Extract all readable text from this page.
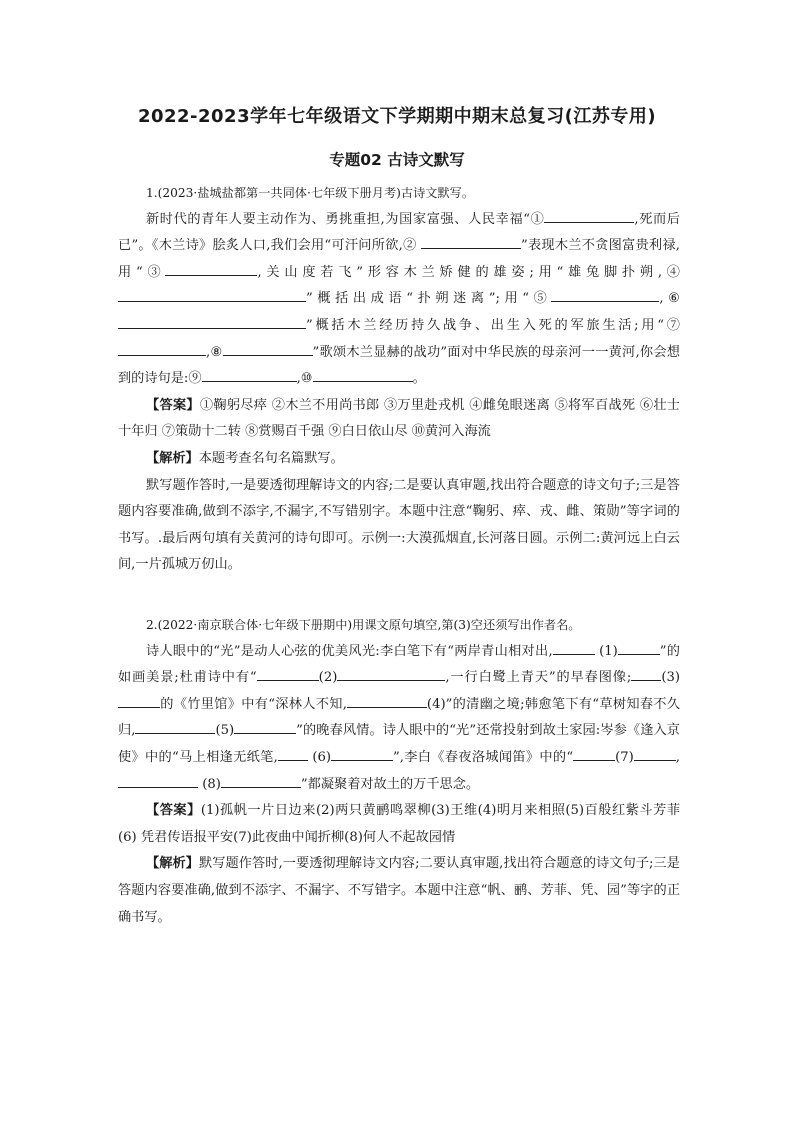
2022-2023学年七年级语文下学期期中期末总复习(江苏专用)
专题02 古诗文默写

1.(2023·盐城盐都第一共同体·七年级下册月考)古诗文默写。

新时代的青年人要主动作为、勇挑重担,为国家富强、人民幸福“①	,死而后已”。《木兰诗》脍炙人口,我们会用“可汗问所欲,②	”表现木兰不贪图富贵利禄,用“③	,关山度若飞”形容木兰矫健的雄姿;用“雄兔脚扑朔,④”概括出成语“扑朔迷离”;用“⑤	,⑥”概括木兰经历持久战争、出生入死的军旅生活;用“⑦,⑧	”歌颂木兰显赫的战功”面对中华民族的母亲河一一黄河,你会想到的诗句是:⑨	,⑩	。

【答案】①鞠躬尽瘁 ②木兰不用尚书郎 ③万里赴戎机 ④雌兔眼迷离 ⑤将军百战死 ⑥壮士十年归 ⑦策勋十二转 ⑧赏赐百千强 ⑨白日依山尽 ⑩黄河入海流

【解析】本题考查名句名篇默写。

默写题作答时,一是要透彻理解诗文的内容;二是要认真审题,找出符合题意的诗文句子;三是答题内容要准确,做到不添字,不漏字,不写错别字。本题中注意“鞠躬、瘁、戎、雌、策勋”等字词的书写。.最后两句填有关黄河的诗句即可。示例一:大漠孤烟直,长河落日圆。示例二:黄河远上白云间,一片孤城万仞山。

2.(2022·南京联合体·七年级下册期中)用课文原句填空,第(3)空还须写出作者名。

诗人眼中的“光”是动人心弦的优美风光:李白笔下有“两岸青山相对出,	(1)	”的如画美景;杜甫诗中有“	(2)	,一行白鹭上青天”的早春图像; (3)的《竹里馆》中有“深林人不知,	(4)”的清幽之境;韩愈笔下有“草树知春不久归,	(5)	”的晚春风情。诗人眼中的“光”还常投射到故土家园:岑参《逢入京使》中的“马上相逢无纸笔,	(6)	”,李白《春夜洛城闻笛》中的“	(7)	, (8)	”都凝聚着对故土的万千思念。

【答案】(1)孤帆一片日边来(2)两只黄鹂鸣翠柳(3)王维(4)明月来相照(5)百般红紫斗芳菲(6) 凭君传语报平安(7)此夜曲中闻折柳(8)何人不起故园情

【解析】默写题作答时,一要透彻理解诗文内容;二要认真审题,找出符合题意的诗文句子;三是答题内容要准确,做到不添字、不漏字、不写错字。本题中注意“帆、鹂、芳菲、凭、园”等字的正确书写。
